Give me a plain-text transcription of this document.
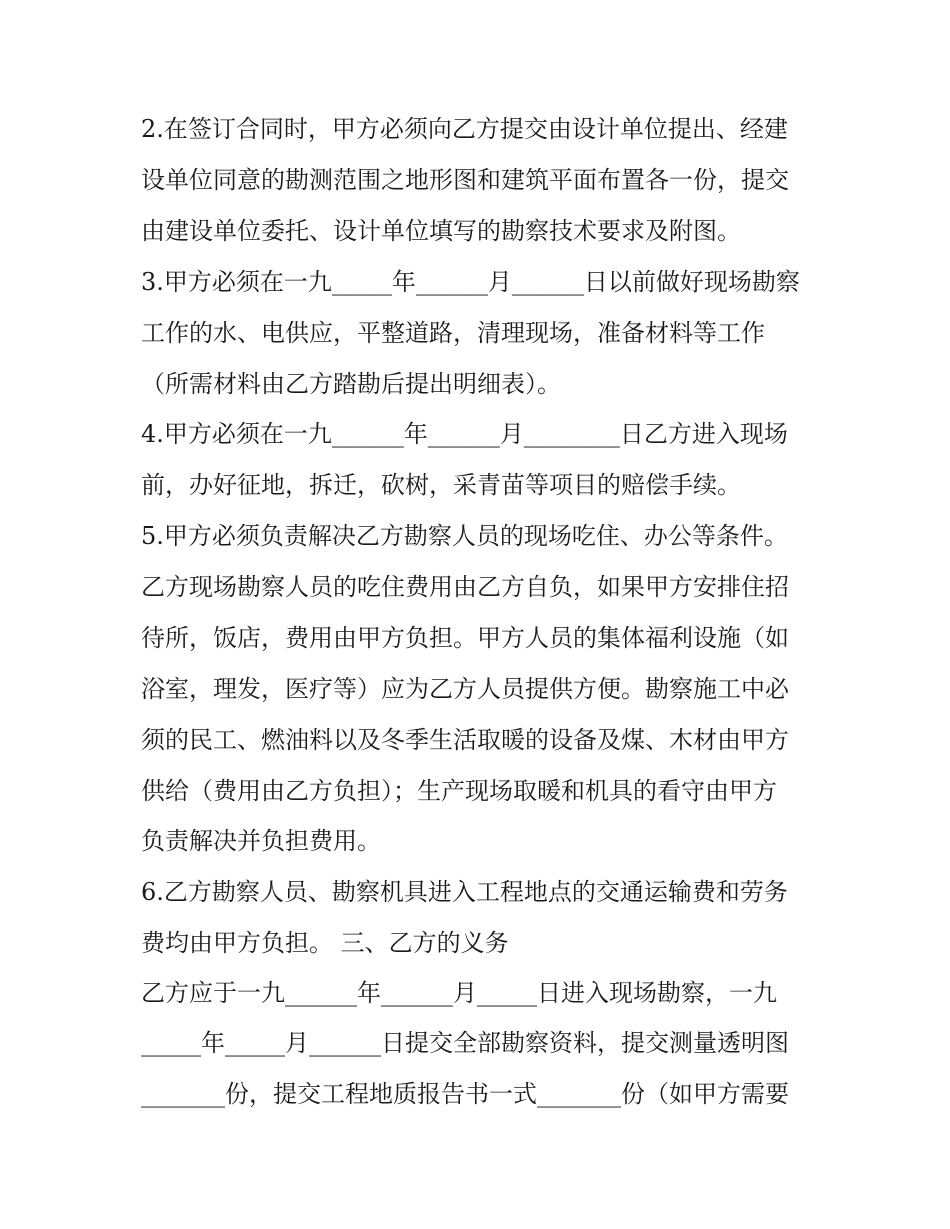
2.在签订合同时，甲方必须向乙方提交由设计单位提出、经建
设单位同意的勘测范围之地形图和建筑平面布置各一份，提交
由建设单位委托、设计单位填写的勘察技术要求及附图。
3.甲方必须在一九_____年______月______日以前做好现场勘察
工作的水、电供应，平整道路，清理现场，准备材料等工作
（所需材料由乙方踏勘后提出明细表）。
4.甲方必须在一九______年______月________日乙方进入现场
前，办好征地，拆迁，砍树，采青苗等项目的赔偿手续。
5.甲方必须负责解决乙方勘察人员的现场吃住、办公等条件。
乙方现场勘察人员的吃住费用由乙方自负，如果甲方安排住招
待所，饭店，费用由甲方负担。甲方人员的集体福利设施（如
浴室，理发，医疗等）应为乙方人员提供方便。勘察施工中必
须的民工、燃油料以及冬季生活取暖的设备及煤、木材由甲方
供给（费用由乙方负担）；生产现场取暖和机具的看守由甲方
负责解决并负担费用。
6.乙方勘察人员、勘察机具进入工程地点的交通运输费和劳务
费均由甲方负担。 三、乙方的义务
乙方应于一九______年______月_____日进入现场勘察，一九
_____年_____月______日提交全部勘察资料，提交测量透明图
_______份，提交工程地质报告书一式_______份（如甲方需要
